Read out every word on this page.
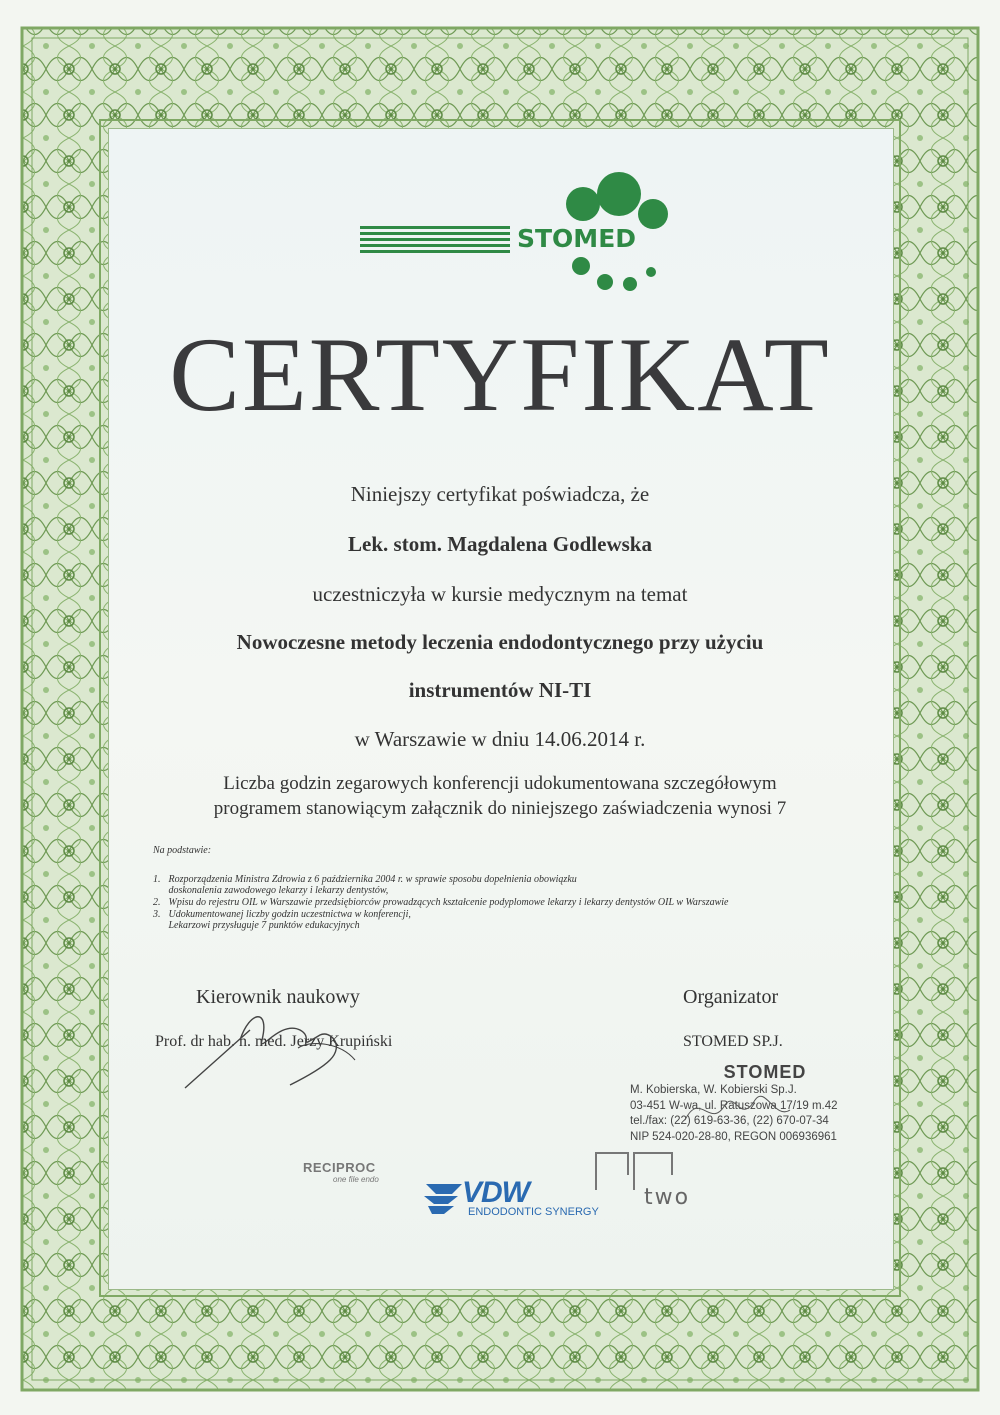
STOMED
CERTYFIKAT
Niniejszy certyfikat poświadcza, że
Lek. stom. Magdalena Godlewska
uczestniczyła w kursie medycznym na temat
Nowoczesne metody leczenia endodontycznego przy użyciu
instrumentów NI-TI
w Warszawie w dniu 14.06.2014 r.
Liczba godzin zegarowych konferencji udokumentowana szczegółowym
programem stanowiącym załącznik do niniejszego zaświadczenia wynosi 7
Na podstawie:
1. Rozporządzenia Ministra Zdrowia z 6 października 2004 r. w sprawie sposobu dopełnienia obowiązku
doskonalenia zawodowego lekarzy i lekarzy dentystów,
2. Wpisu do rejestru OIL w Warszawie przedsiębiorców prowadzących kształcenie podyplomowe lekarzy i lekarzy dentystów OIL w Warszawie
3. Udokumentowanej liczby godzin uczestnictwa w konferencji,
Lekarzowi przysługuje 7 punktów edukacyjnych
Kierownik naukowy
Prof. dr hab. n. med. Jerzy Krupiński
Organizator
STOMED SP.J.
STOMED
M. Kobierska, W. Kobierski Sp.J.
03-451 W-wa, ul. Ratuszowa 17/19 m.42
tel./fax: (22) 619-63-36, (22) 670-07-34
NIP 524-020-28-80, REGON 006936961
RECIPROC
one file endo	VDW
ENDODONTIC SYNERGY
two
